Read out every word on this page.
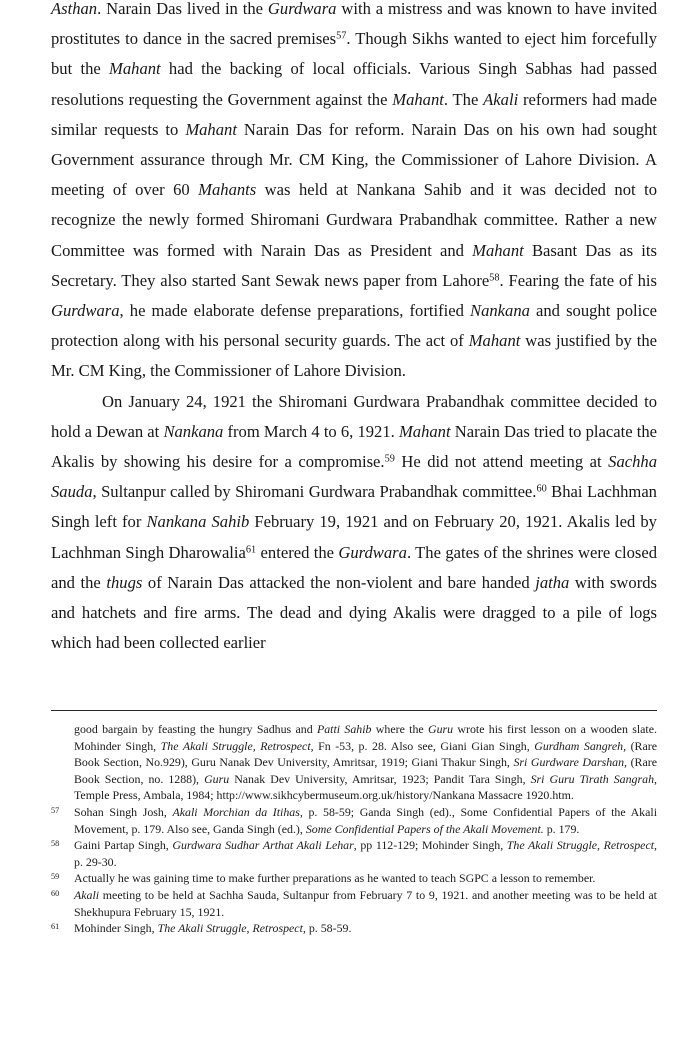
Asthan. Narain Das lived in the Gurdwara with a mistress and was known to have invited prostitutes to dance in the sacred premises$^{57}$. Though Sikhs wanted to eject him forcefully but the Mahant had the backing of local officials. Various Singh Sabhas had passed resolutions requesting the Government against the Mahant. The Akali reformers had made similar requests to Mahant Narain Das for reform. Narain Das on his own had sought Government assurance through Mr. CM King, the Commissioner of Lahore Division. A meeting of over 60 Mahants was held at Nankana Sahib and it was decided not to recognize the newly formed Shiromani Gurdwara Prabandhak committee. Rather a new Committee was formed with Narain Das as President and Mahant Basant Das as its Secretary. They also started Sant Sewak news paper from Lahore$^{58}$. Fearing the fate of his Gurdwara, he made elaborate defense preparations, fortified Nankana and sought police protection along with his personal security guards. The act of Mahant was justified by the Mr. CM King, the Commissioner of Lahore Division.

On January 24, 1921 the Shiromani Gurdwara Prabandhak committee decided to hold a Dewan at Nankana from March 4 to 6, 1921. Mahant Narain Das tried to placate the Akalis by showing his desire for a compromise.$^{59}$ He did not attend meeting at Sachha Sauda, Sultanpur called by Shiromani Gurdwara Prabandhak committee.$^{60}$ Bhai Lachhman Singh left for Nankana Sahib February 19, 1921 and on February 20, 1921. Akalis led by Lachhman Singh Dharowalia$^{61}$ entered the Gurdwara. The gates of the shrines were closed and the thugs of Narain Das attacked the non-violent and bare handed jatha with swords and hatchets and fire arms. The dead and dying Akalis were dragged to a pile of logs which had been collected earlier

good bargain by feasting the hungry Sadhus and Patti Sahib where the Guru wrote his first lesson on a wooden slate. Mohinder Singh, The Akali Struggle, Retrospect, Fn -53, p. 28. Also see, Giani Gian Singh, Gurdham Sangreh, (Rare Book Section, No.929), Guru Nanak Dev University, Amritsar, 1919; Giani Thakur Singh, Sri Gurdware Darshan, (Rare Book Section, no. 1288), Guru Nanak Dev University, Amritsar, 1923; Pandit Tara Singh, Sri Guru Tirath Sangrah, Temple Press, Ambala, 1984; http://www.sikhcybermuseum.org.uk/history/Nankana Massacre 1920.htm.
57	Sohan Singh Josh, Akali Morchian da Itihas, p. 58-59; Ganda Singh (ed)., Some Confidential Papers of the Akali Movement, p. 179. Also see, Ganda Singh (ed.), Some Confidential Papers of the Akali Movement. p. 179.
58	Gaini Partap Singh, Gurdwara Sudhar Arthat Akali Lehar, pp 112-129; Mohinder Singh, The Akali Struggle, Retrospect, p. 29-30.
59	Actually he was gaining time to make further preparations as he wanted to teach SGPC a lesson to remember.
60	Akali meeting to be held at Sachha Sauda, Sultanpur from February 7 to 9, 1921. and another meeting was to be held at Shekhupura February 15, 1921.
61	Mohinder Singh, The Akali Struggle, Retrospect, p. 58-59.
